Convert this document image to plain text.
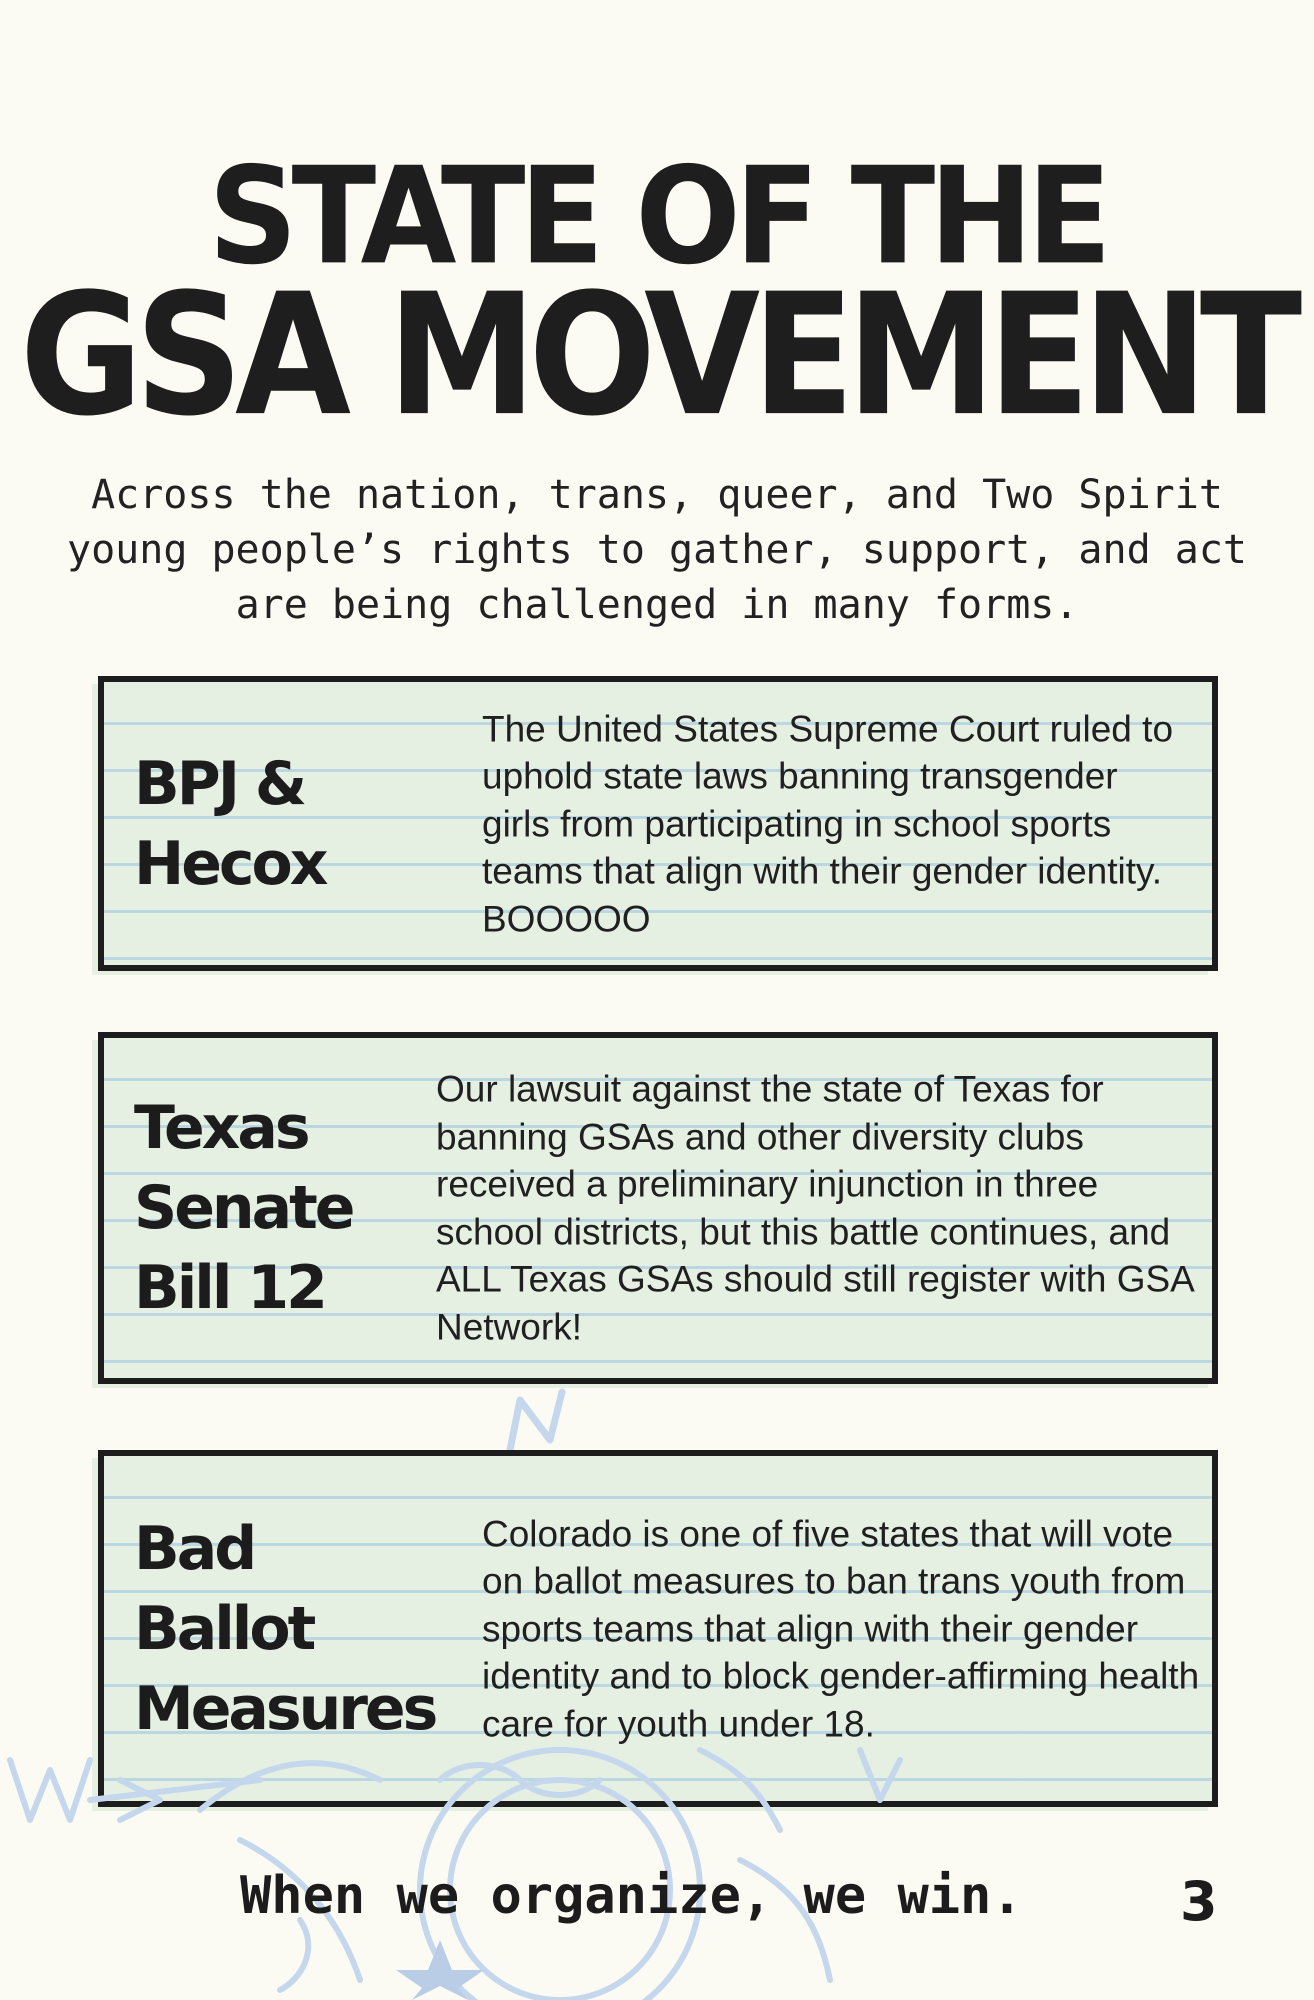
STATE OF THE
GSA MOVEMENT

Across the nation, trans, queer, and Two Spirit young people’s rights to gather, support, and act are being challenged in many forms.

BPJ &
Hecox

The United States Supreme Court ruled to uphold state laws banning transgender girls from participating in school sports teams that align with their gender identity. BOOOOO

Texas
Senate
Bill 12

Our lawsuit against the state of Texas for banning GSAs and other diversity clubs received a preliminary injunction in three school districts, but this battle continues, and ALL Texas GSAs should still register with GSA Network!

Bad
Ballot
Measures

Colorado is one of five states that will vote on ballot measures to ban trans youth from sports teams that align with their gender identity and to block gender-affirming health care for youth under 18.

When we organize, we win.	3
